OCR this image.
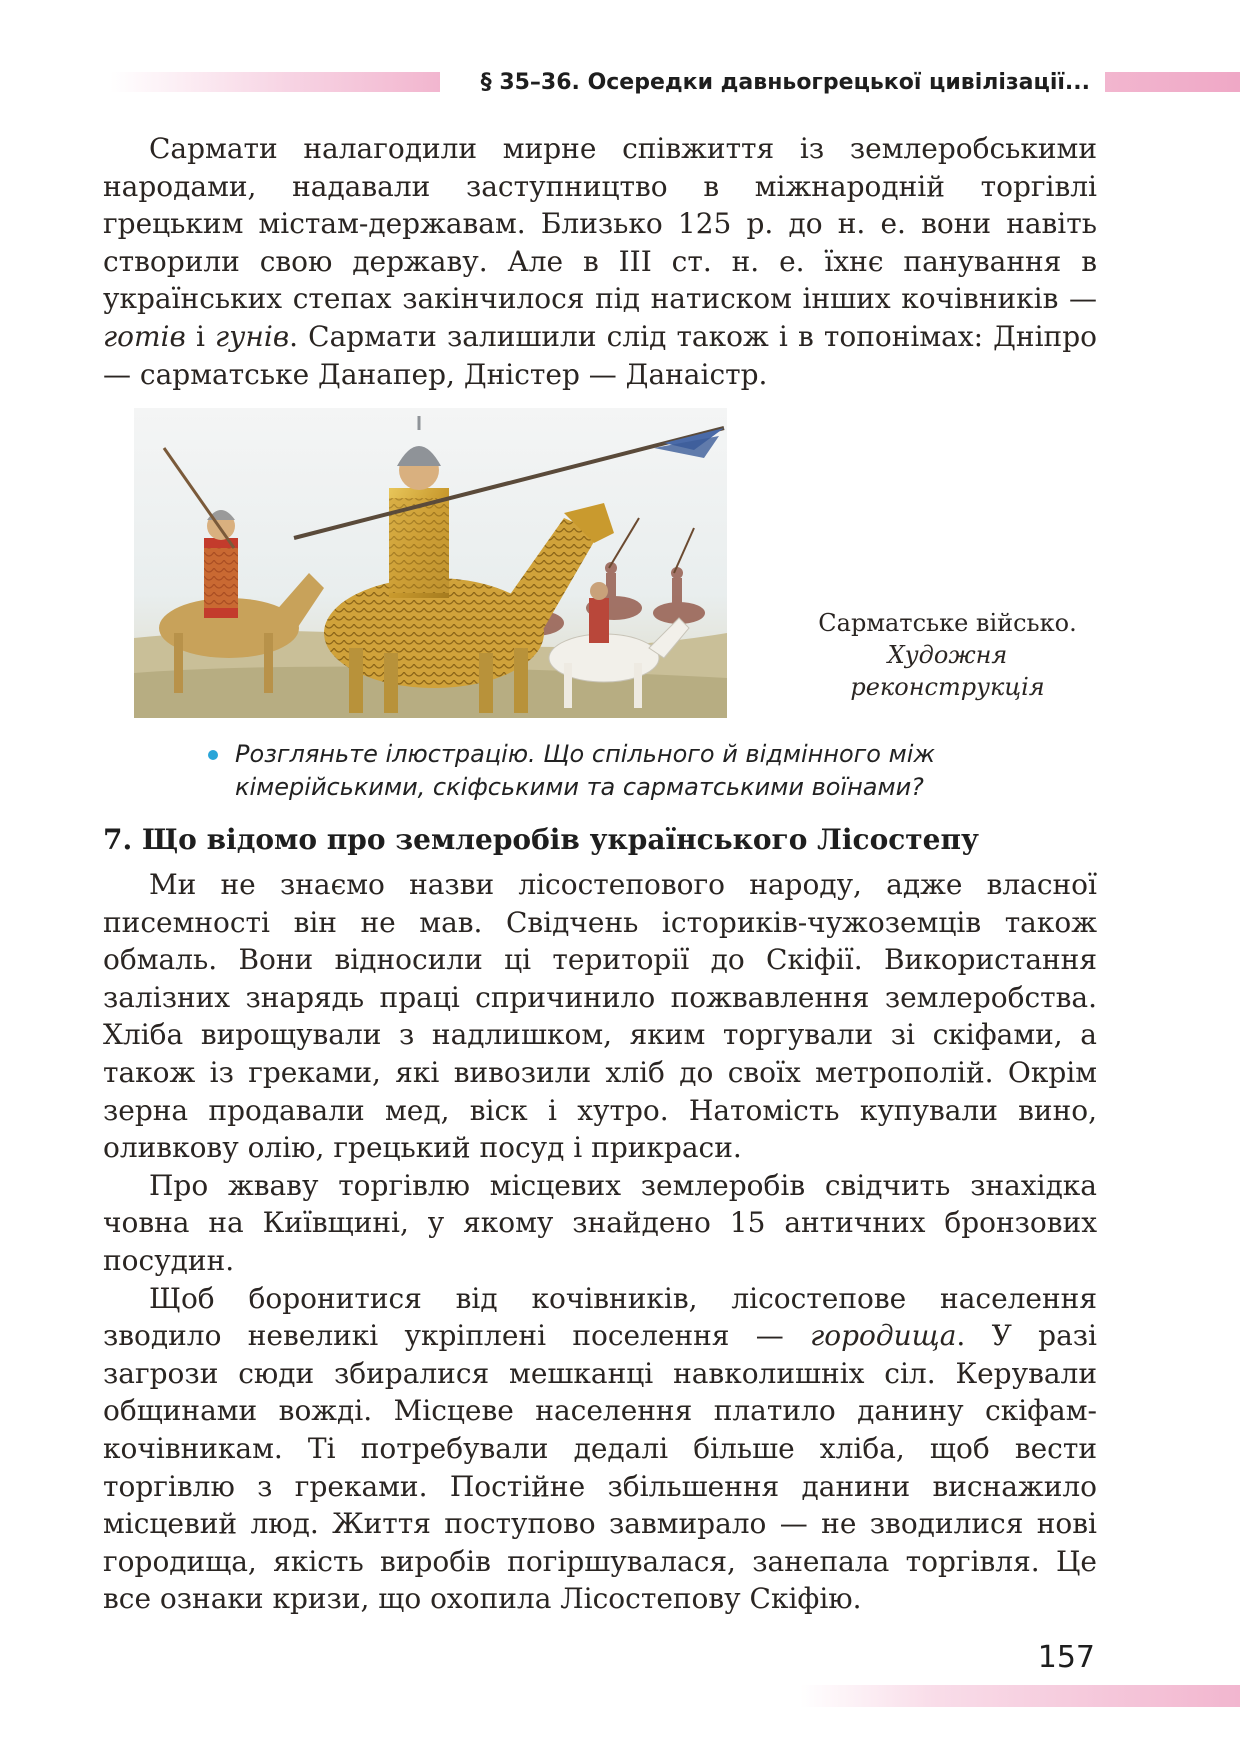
§ 35–36. Осередки давньогрецької цивілізації...

Сармати налагодили мирне співжиття із землеробськими народами, надавали заступництво в міжнародній торгівлі грецьким містам-державам. Близько 125 р. до н. е. вони навіть створили свою державу. Але в III ст. н. е. їхнє панування в українських степах закінчилося під натиском інших кочівників — готів і гунів. Сармати залишили слід також і в топонімах: Дніпро — сарматське Данапер, Дністер — Данаістр.

Сарматське військо.
Художня
реконструкція
Розгляньте ілюстрацію. Що спільного й відмінного між кімерійськими, скіфськими та сарматськими воїнами?
7. Що відомо про землеробів українського Лісостепу

Ми не знаємо назви лісостепового народу, адже власної писемності він не мав. Свідчень істориків-чужоземців також обмаль. Вони відносили ці території до Скіфії. Використання залізних знарядь праці спричинило пожвавлення землеробства. Хліба вирощували з надлишком, яким торгували зі скіфами, а також із греками, які вивозили хліб до своїх метрополій. Окрім зерна продавали мед, віск і хутро. Натомість купували вино, оливкову олію, грецький посуд і прикраси.

Про жваву торгівлю місцевих землеробів свідчить знахідка човна на Київщині, у якому знайдено 15 античних бронзових посудин.

Щоб боронитися від кочівників, лісостепове населення зводило невеликі укріплені поселення — городища. У разі загрози сюди збиралися мешканці навколишніх сіл. Керували общинами вожді. Місцеве населення платило данину скіфам-кочівникам. Ті потребували дедалі більше хліба, щоб вести торгівлю з греками. Постійне збільшення данини виснажило місцевий люд. Життя поступово завмирало — не зводилися нові городища, якість виробів погіршувалася, занепала торгівля. Це все ознаки кризи, що охопила Лісостепову Скіфію.

157
